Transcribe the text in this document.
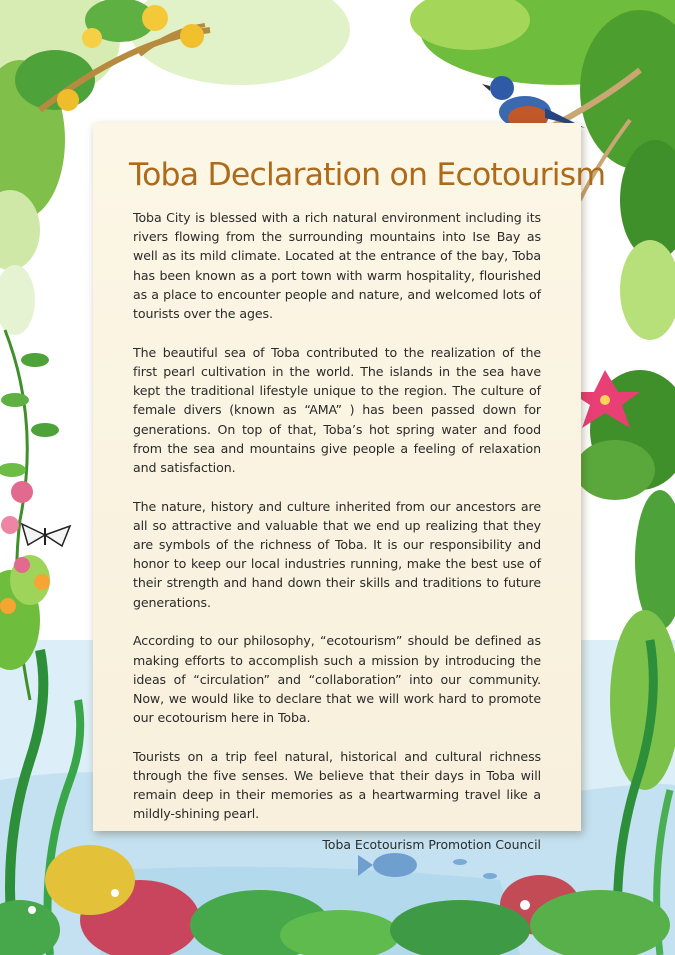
Toba Declaration on Ecotourism

Toba City is blessed with a rich natural environment including its rivers flowing from the surrounding mountains into Ise Bay as well as its mild climate. Located at the entrance of the bay, Toba has been known as a port town with warm hospitality, flourished as a place to encounter people and nature, and welcomed lots of tourists over the ages.

The beautiful sea of Toba contributed to the realization of the first pearl cultivation in the world. The islands in the sea have kept the traditional lifestyle unique to the region. The culture of female divers (known as “AMA” ) has been passed down for generations. On top of that, Toba’s hot spring water and food from the sea and mountains give people a feeling of relaxation and satisfaction.

The nature, history and culture inherited from our ancestors are all so attractive and valuable that we end up realizing that they are symbols of the richness of Toba. It is our responsibility and honor to keep our local industries running, make the best use of their strength and hand down their skills and traditions to future generations.

According to our philosophy, “ecotourism” should be defined as making efforts to accomplish such a mission by introducing the ideas of “circulation” and “collaboration” into our community. Now, we would like to declare that we will work hard to promote our ecotourism here in Toba.

Tourists on a trip feel natural, historical and cultural richness through the five senses. We believe that their days in Toba will remain deep in their memories as a heartwarming travel like a mildly-shining pearl.

Toba Ecotourism Promotion Council
